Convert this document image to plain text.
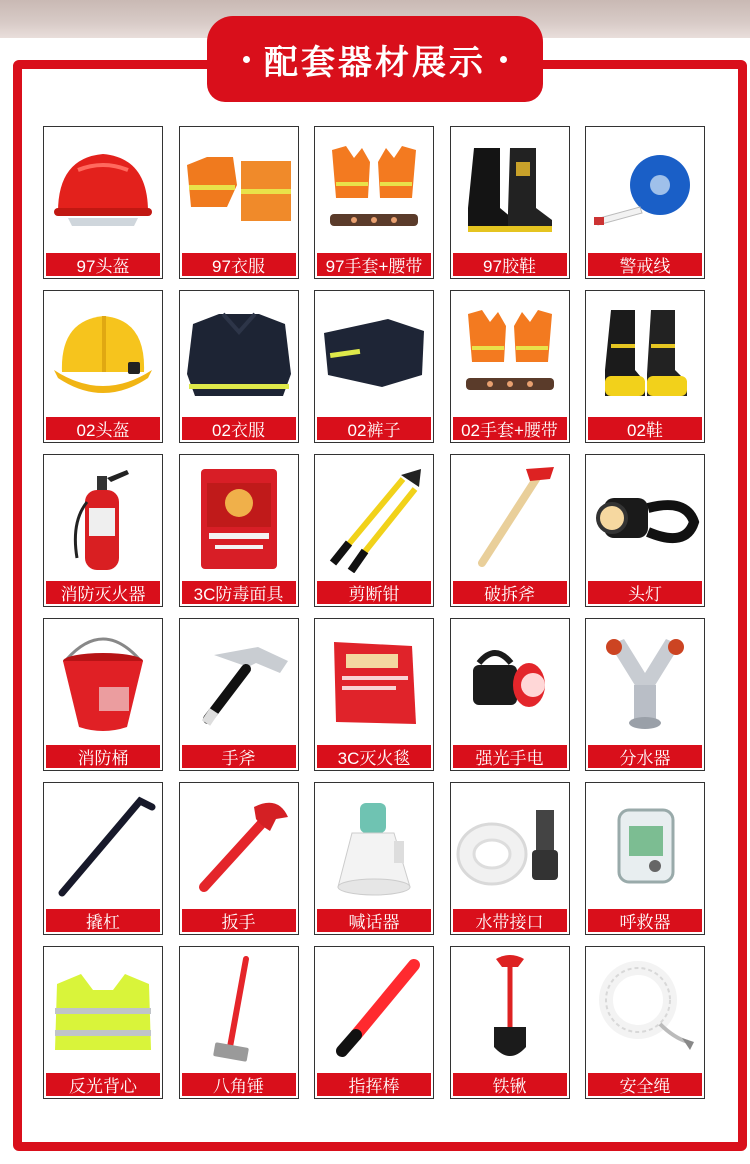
配套器材展示
97头盔	97衣服	97手套+腰带	97胶鞋	警戒线
02头盔	02衣服	02裤子	02手套+腰带	02鞋
消防灭火器	3C防毒面具	剪断钳	破拆斧	头灯
消防桶	手斧	3C灭火毯	强光手电	分水器
撬杠	扳手	喊话器	水带接口	呼救器
反光背心	八角锤	指挥棒	铁锹	安全绳
